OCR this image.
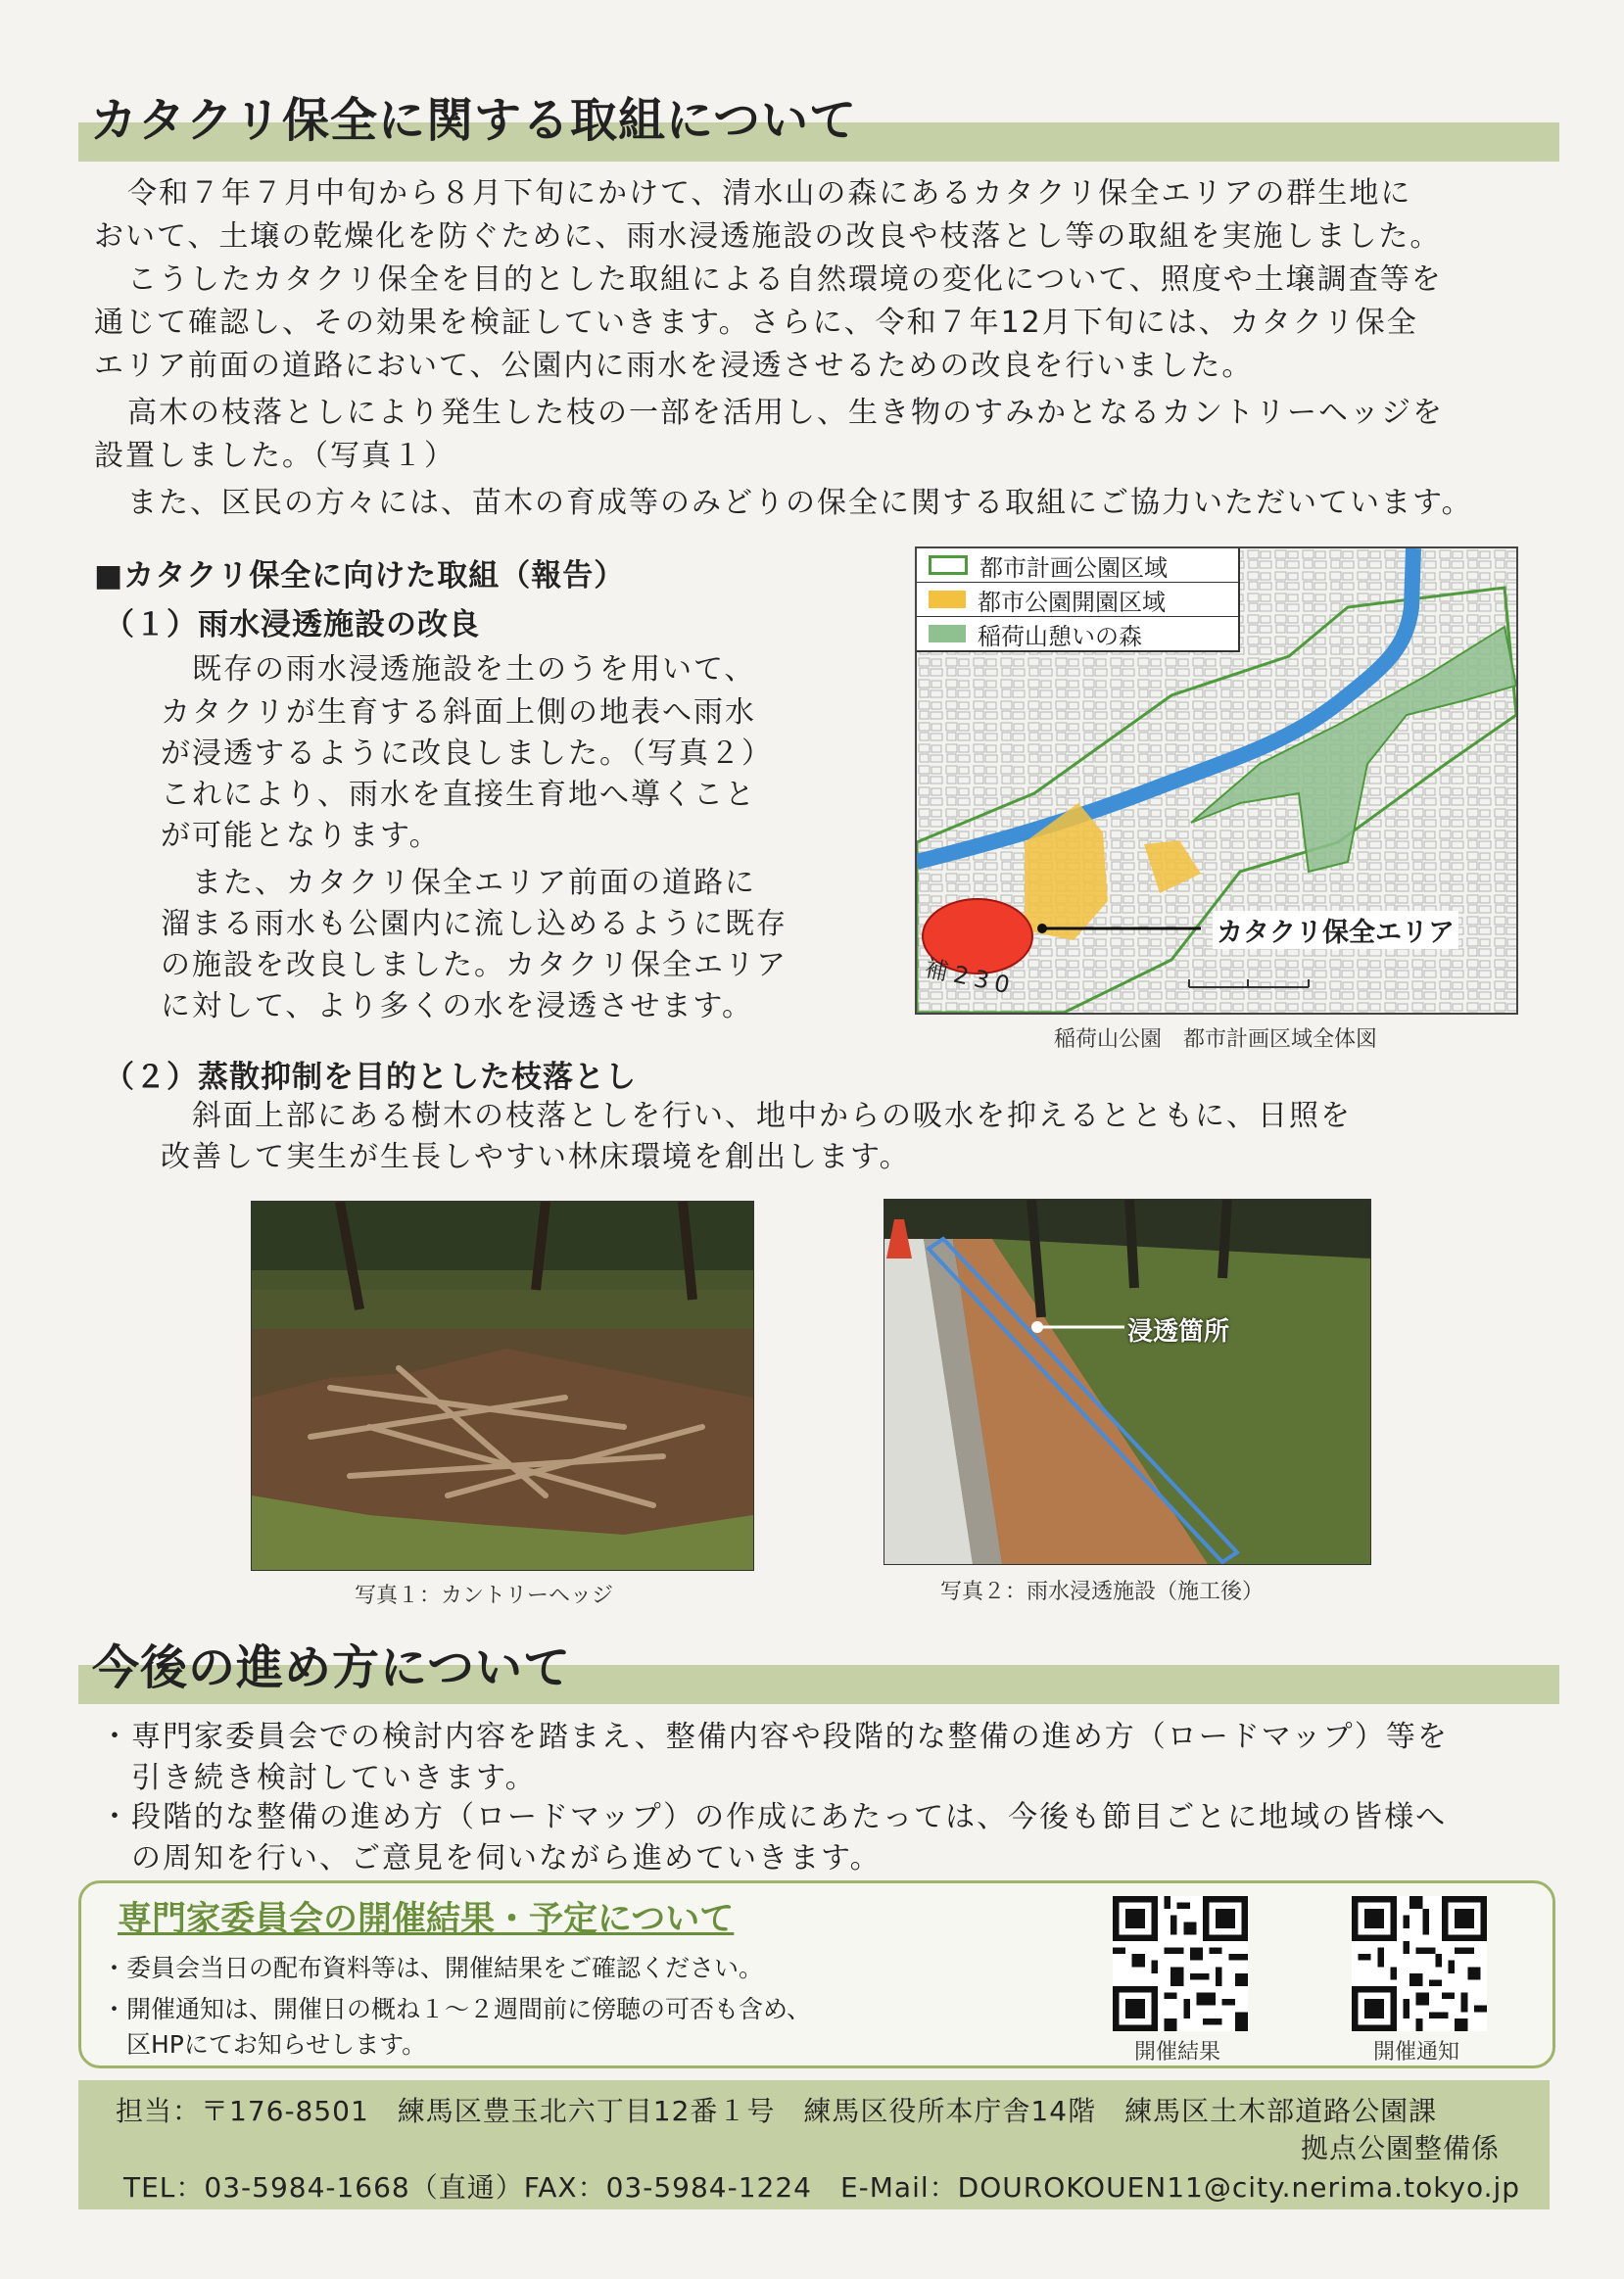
カタクリ保全に関する取組について
令和７年７月中旬から８月下旬にかけて、清水山の森にあるカタクリ保全エリアの群生地に
おいて、土壌の乾燥化を防ぐために、雨水浸透施設の改良や枝落とし等の取組を実施しました。
こうしたカタクリ保全を目的とした取組による自然環境の変化について、照度や土壌調査等を
通じて確認し、その効果を検証していきます。さらに、令和７年12月下旬には、カタクリ保全
エリア前面の道路において、公園内に雨水を浸透させるための改良を行いました。
高木の枝落としにより発生した枝の一部を活用し、生き物のすみかとなるカントリーヘッジを
設置しました。（写真１）
また、区民の方々には、苗木の育成等のみどりの保全に関する取組にご協力いただいています。
■カタクリ保全に向けた取組（報告）
（１）雨水浸透施設の改良
既存の雨水浸透施設を土のうを用いて、
カタクリが生育する斜面上側の地表へ雨水
が浸透するように改良しました。（写真２）
これにより、雨水を直接生育地へ導くこと
が可能となります。
また、カタクリ保全エリア前面の道路に
溜まる雨水も公園内に流し込めるように既存
の施設を改良しました。カタクリ保全エリア
に対して、より多くの水を浸透させます。
都市計画公園区域
都市公園開園区域
稲荷山憩いの森
カタクリ保全エリア
補230
稲荷山公園　都市計画区域全体図
（２）蒸散抑制を目的とした枝落とし
斜面上部にある樹木の枝落としを行い、地中からの吸水を抑えるとともに、日照を
改善して実生が生長しやすい林床環境を創出します。
写真１：カントリーヘッジ
浸透箇所
写真２：雨水浸透施設（施工後）
今後の進め方について
・専門家委員会での検討内容を踏まえ、整備内容や段階的な整備の進め方（ロードマップ）等を
　引き続き検討していきます。
・段階的な整備の進め方（ロードマップ）の作成にあたっては、今後も節目ごとに地域の皆様へ
　の周知を行い、ご意見を伺いながら進めていきます。
専門家委員会の開催結果・予定について
・委員会当日の配布資料等は、開催結果をご確認ください。
・開催通知は、開催日の概ね１～２週間前に傍聴の可否も含め、
　区HPにてお知らせします。	開催結果	開催通知
担当：〒176-8501　練馬区豊玉北六丁目12番１号　練馬区役所本庁舎14階　練馬区土木部道路公園課
拠点公園整備係
TEL：03-5984-1668（直通）FAX：03-5984-1224　E-Mail：DOUROKOUEN11@city.nerima.tokyo.jp
